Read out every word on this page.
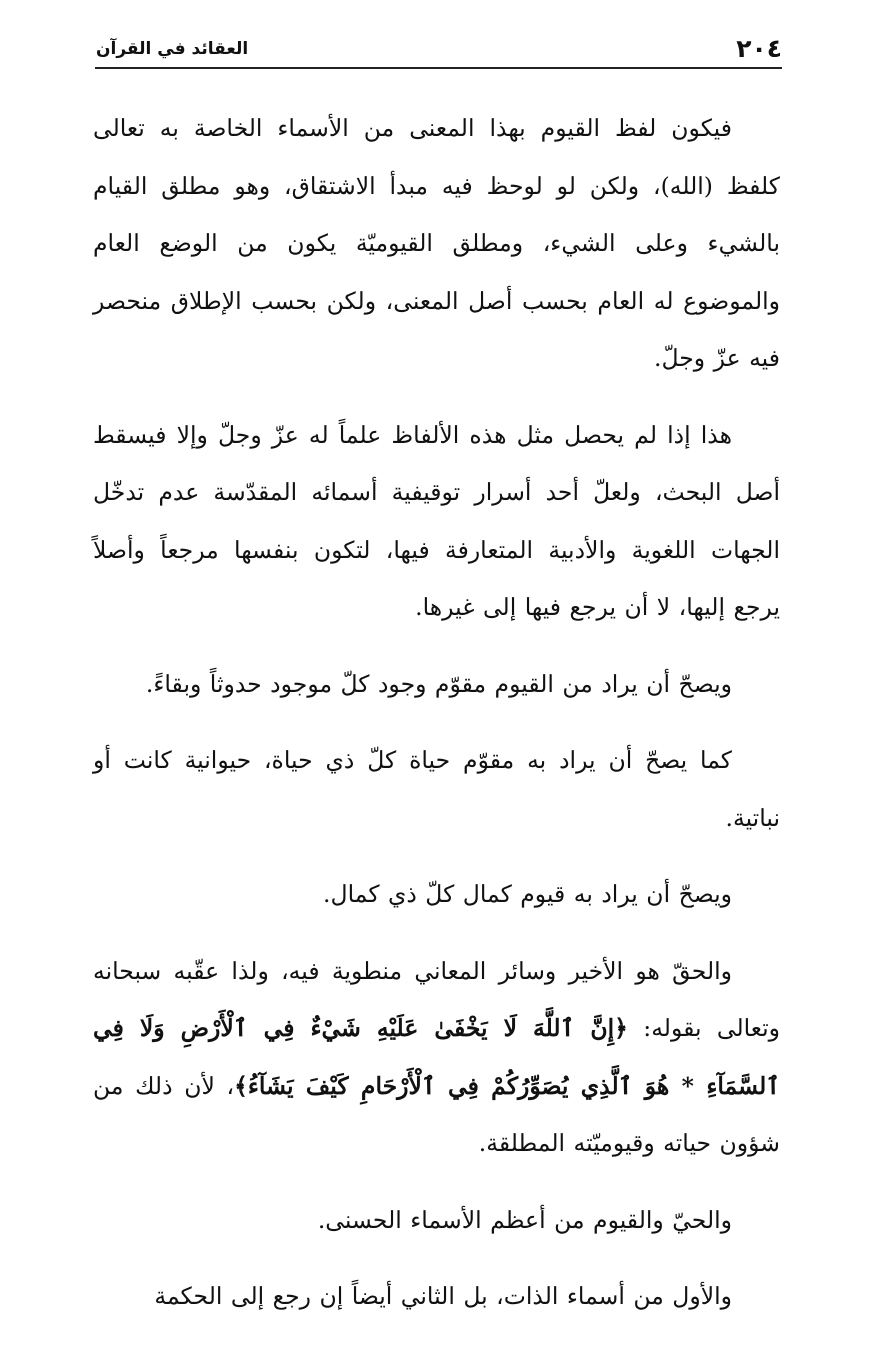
٢٠٤
العقائد في القرآن

فيكون لفظ القيوم بهذا المعنى من الأسماء الخاصة به تعالى كلفظ (الله)، ولكن لو لوحظ فيه مبدأ الاشتقاق، وهو مطلق القيام بالشيء وعلى الشيء، ومطلق القيوميّة يكون من الوضع العام والموضوع له العام بحسب أصل المعنى، ولكن بحسب الإطلاق منحصر فيه عزّ وجلّ.

هذا إذا لم يحصل مثل هذه الألفاظ علماً له عزّ وجلّ وإلا فيسقط أصل البحث، ولعلّ أحد أسرار توقيفية أسمائه المقدّسة عدم تدخّل الجهات اللغوية والأدبية المتعارفة فيها، لتكون بنفسها مرجعاً وأصلاً يرجع إليها، لا أن يرجع فيها إلى غيرها.

ويصحّ أن يراد من القيوم مقوّم وجود كلّ موجود حدوثاً وبقاءً.

كما يصحّ أن يراد به مقوّم حياة كلّ ذي حياة، حيوانية كانت أو نباتية.

ويصحّ أن يراد به قيوم كمال كلّ ذي كمال.

والحقّ هو الأخير وسائر المعاني منطوية فيه، ولذا عقّبه سبحانه وتعالى بقوله: ﴿إِنَّ ٱللَّهَ لَا يَخْفَىٰ عَلَيْهِ شَيْءٌ فِي ٱلْأَرْضِ وَلَا فِي ٱلسَّمَآءِ * هُوَ ٱلَّذِي يُصَوِّرُكُمْ فِي ٱلْأَرْحَامِ كَيْفَ يَشَآءُ﴾، لأن ذلك من شؤون حياته وقيوميّته المطلقة.

والحيّ والقيوم من أعظم الأسماء الحسنى.

والأول من أسماء الذات، بل الثاني أيضاً إن رجع إلى الحكمة
